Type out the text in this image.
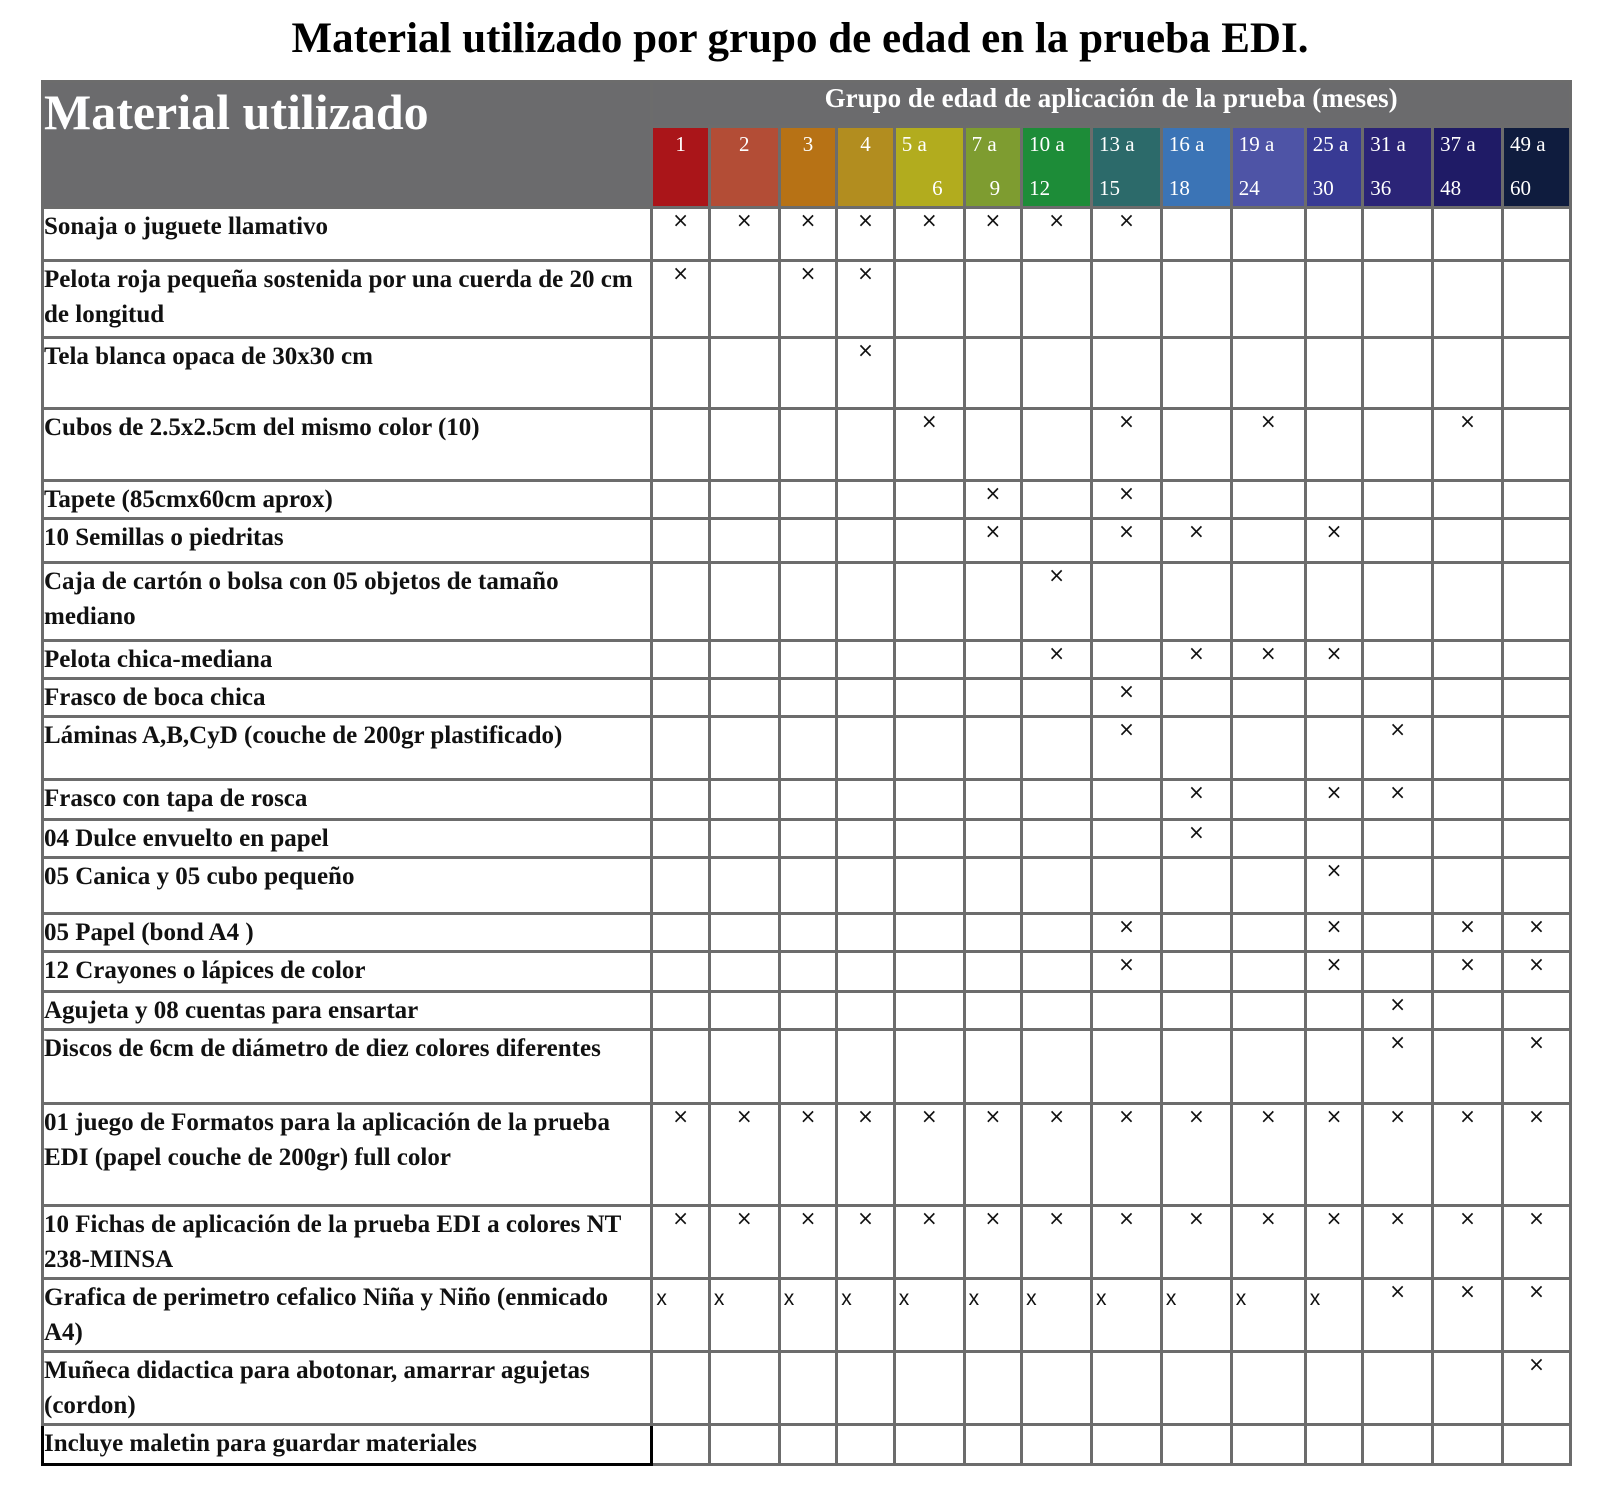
Material utilizado por grupo de edad en la prueba EDI.
Material utilizado	Grupo de edad de aplicación de la prueba (meses)													

	1	2	3	4	5 a
6	7 a
9	10 a
12	13 a
15	16 a
18	19 a
24	25 a
30	31 a
36	37 a
48	49 a
60

Sonaja o juguete llamativo	×	×	×	×	×	×	×	×						
Pelota roja pequeña sostenida por una cuerda de 20 cm de longitud	×		×	×										
Tela blanca opaca de 30x30 cm				×										
Cubos de 2.5x2.5cm del mismo color (10)					×			×		×			×	
Tapete (85cmx60cm aprox)						×		×						
10 Semillas o piedritas						×		×	×		×			
Caja de cartón o bolsa con 05 objetos de tamaño mediano							×							
Pelota chica-mediana							×		×	×	×			
Frasco de boca chica								×						
Láminas A,B,CyD (couche de 200gr plastificado)								×				×		
Frasco con tapa de rosca									×		×	×		
04 Dulce envuelto en papel									×					
05 Canica y 05 cubo pequeño											×			
05 Papel (bond A4 )								×			×		×	×
12 Crayones o lápices de color								×			×		×	×
Agujeta y 08 cuentas para ensartar												×		
Discos de 6cm de diámetro de diez colores diferentes												×		×
01 juego de Formatos para la aplicación de la prueba EDI (papel couche de 200gr) full color	×	×	×	×	×	×	×	×	×	×	×	×	×	×
10 Fichas de aplicación de la prueba EDI a colores NT 238-MINSA	×	×	×	×	×	×	×	×	×	×	×	×	×	×
Grafica de perimetro cefalico Niña y Niño (enmicado A4)	x	x	x	x	x	x	x	x	x	x	x	×	×	×
Muñeca didactica para abotonar, amarrar agujetas (cordon)														×
Incluye maletin para guardar materiales														
